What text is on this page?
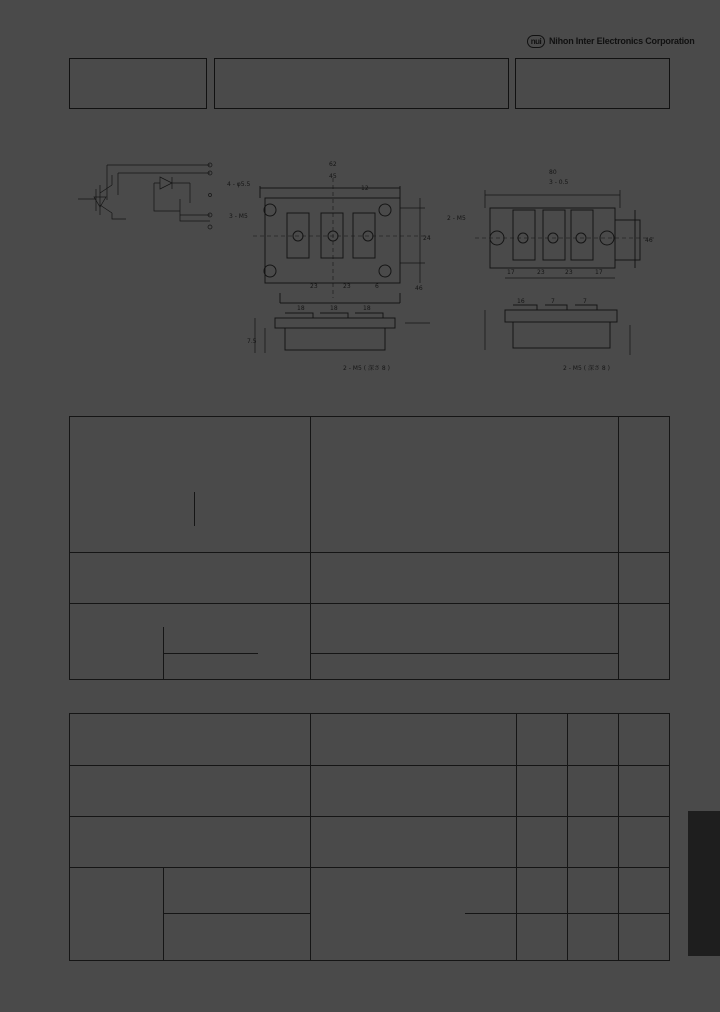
nui Nihon Inter Electronics Corporation
62
45
12
4 - φ5.5
3 - M5
24
23	23	6
18	18	18
7.5
46
2 - M5 ( 深さ 8 )
80
3 - 0.5
2 - M5
17	23	23	17
16	7	7
46
2 - M5 ( 深さ 8 )
